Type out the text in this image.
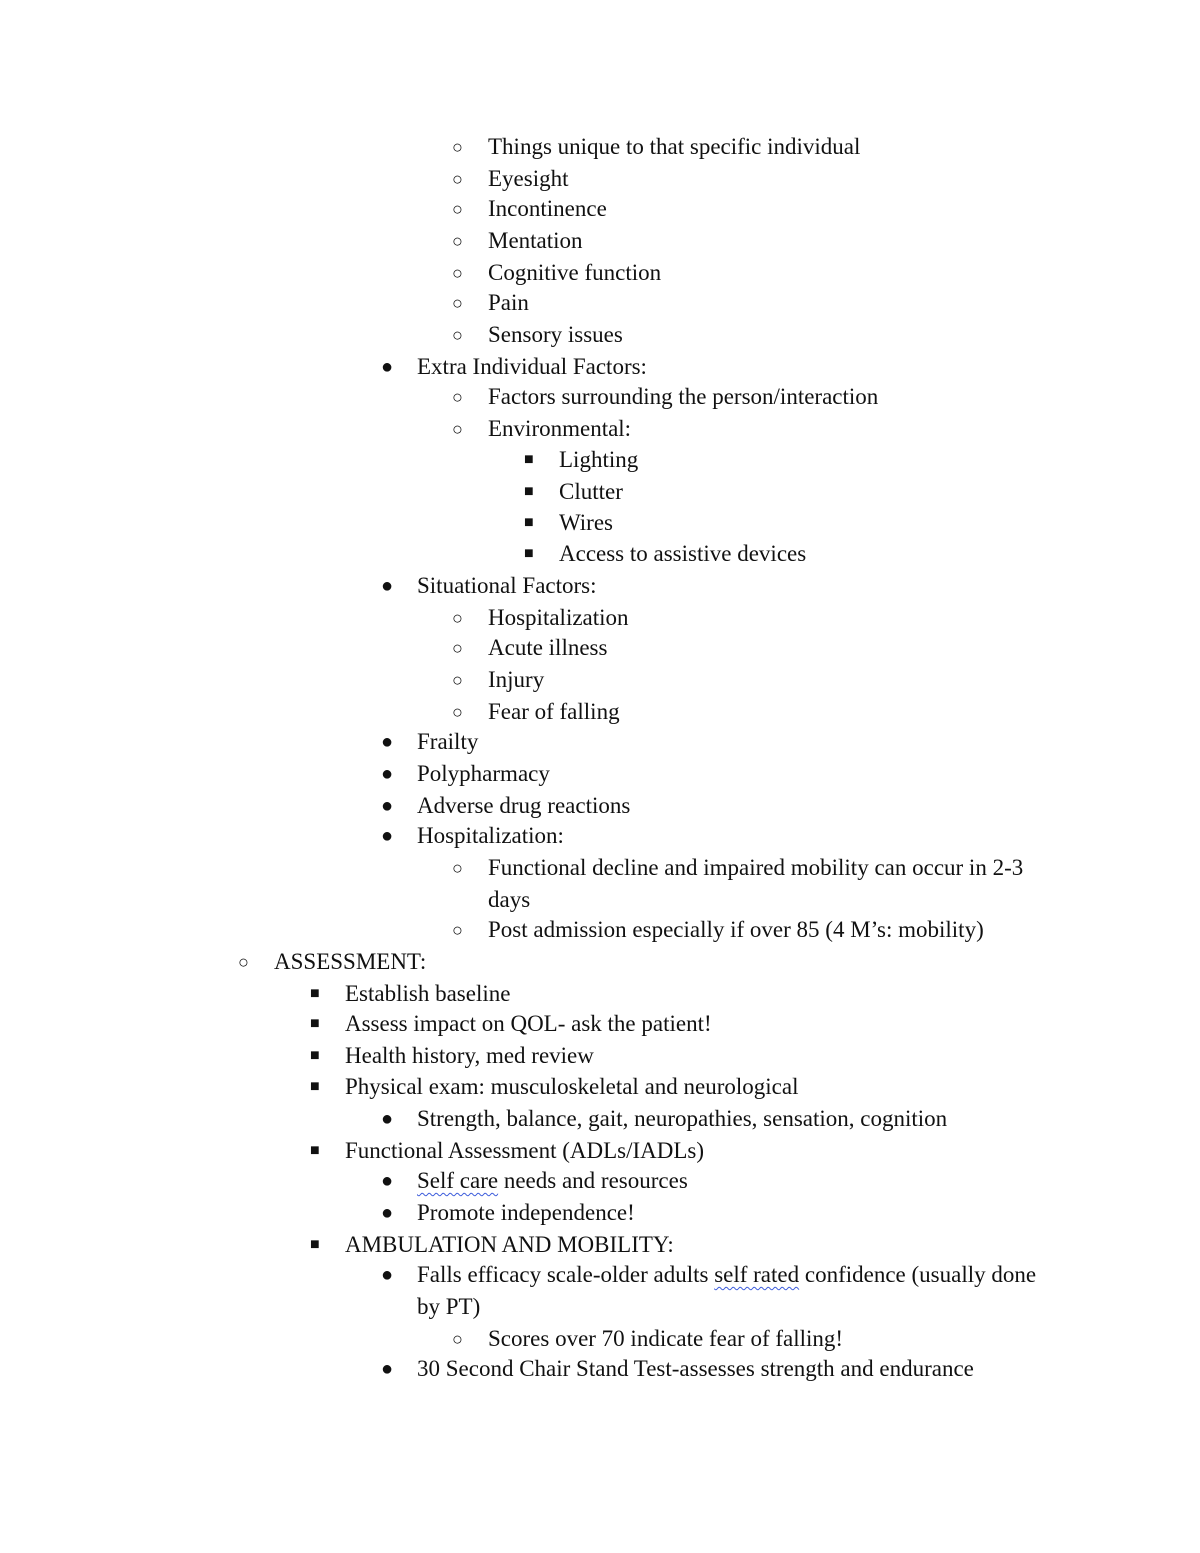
○ Things unique to that specific individual
○ Eyesight
○ Incontinence
○ Mentation
○ Cognitive function
○ Pain
○ Sensory issues
● Extra Individual Factors:
○ Factors surrounding the person/interaction
○ Environmental:
■ Lighting
■ Clutter
■ Wires
■ Access to assistive devices
● Situational Factors:
○ Hospitalization
○ Acute illness
○ Injury
○ Fear of falling
● Frailty
● Polypharmacy
● Adverse drug reactions
● Hospitalization:
○ Functional decline and impaired mobility can occur in 2-3
days
○ Post admission especially if over 85 (4 M’s: mobility)
○ ASSESSMENT:
■ Establish baseline
■ Assess impact on QOL- ask the patient!
■ Health history, med review
■ Physical exam: musculoskeletal and neurological
● Strength, balance, gait, neuropathies, sensation, cognition
■ Functional Assessment (ADLs/IADLs)
● Self care needs and resources
● Promote independence!
■ AMBULATION AND MOBILITY:
● Falls efficacy scale-older adults self rated confidence (usually done
by PT)
○ Scores over 70 indicate fear of falling!
● 30 Second Chair Stand Test-assesses strength and endurance
